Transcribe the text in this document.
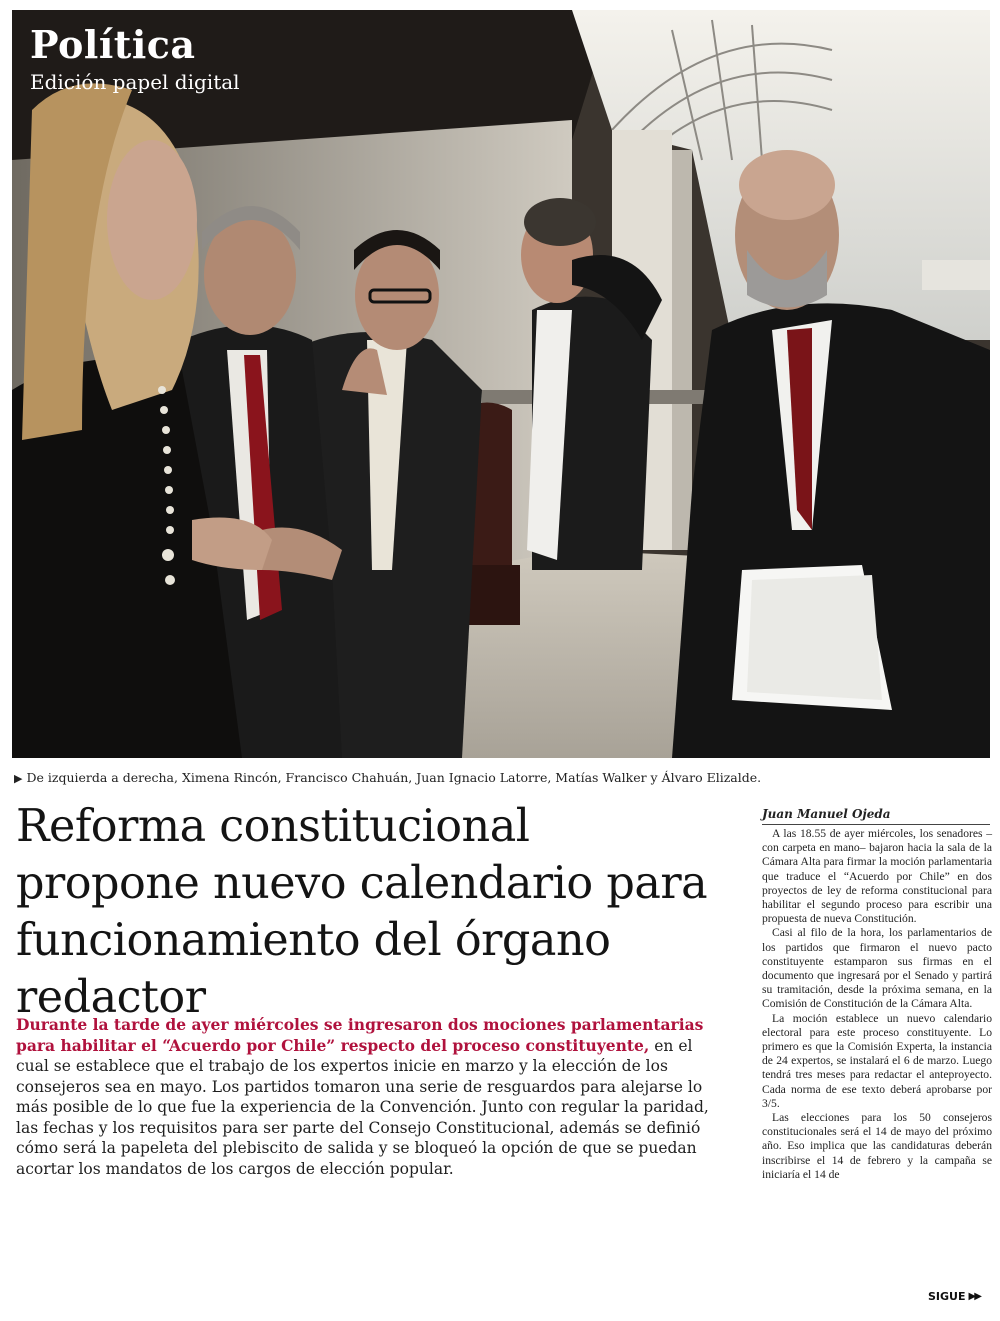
Política
Edición papel digital
▶ De izquierda a derecha, Ximena Rincón, Francisco Chahuán, Juan Ignacio Latorre, Matías Walker y Álvaro Elizalde.
Reforma constitucional propone nuevo calendario para funcionamiento del órgano redactor

Durante la tarde de ayer miércoles se ingresaron dos mociones parlamentarias para habilitar el “Acuerdo por Chile” respecto del proceso constituyente, en el cual se establece que el trabajo de los expertos inicie en marzo y la elección de los consejeros sea en mayo. Los partidos tomaron una serie de resguardos para alejarse lo más posible de lo que fue la experiencia de la Convención. Junto con regular la paridad, las fechas y los requisitos para ser parte del Consejo Constitucional, además se definió cómo será la papeleta del plebiscito de salida y se bloqueó la opción de que se puedan acortar los mandatos de los cargos de elección popular.

Juan Manuel Ojeda

A las 18.55 de ayer miércoles, los senadores –con carpeta en mano– bajaron hacia la sala de la Cámara Alta para firmar la moción parlamentaria que traduce el “Acuerdo por Chile” en dos proyectos de ley de reforma constitucional para habilitar el segundo proceso para escribir una propuesta de nueva Constitución.

Casi al filo de la hora, los parlamentarios de los partidos que firmaron el nuevo pacto constituyente estamparon sus firmas en el documento que ingresará por el Senado y partirá su tramitación, desde la próxima semana, en la Comisión de Constitución de la Cámara Alta.

La moción establece un nuevo calendario electoral para este proceso constituyente. Lo primero es que la Comisión Experta, la instancia de 24 expertos, se instalará el 6 de marzo. Luego tendrá tres meses para redactar el anteproyecto. Cada norma de ese texto deberá aprobarse por 3/5.

Las elecciones para los 50 consejeros constitucionales será el 14 de mayo del próximo año. Eso implica que las candidaturas deberán inscribirse el 14 de febrero y la campaña se iniciaría el 14 de

SIGUE ▶▶
